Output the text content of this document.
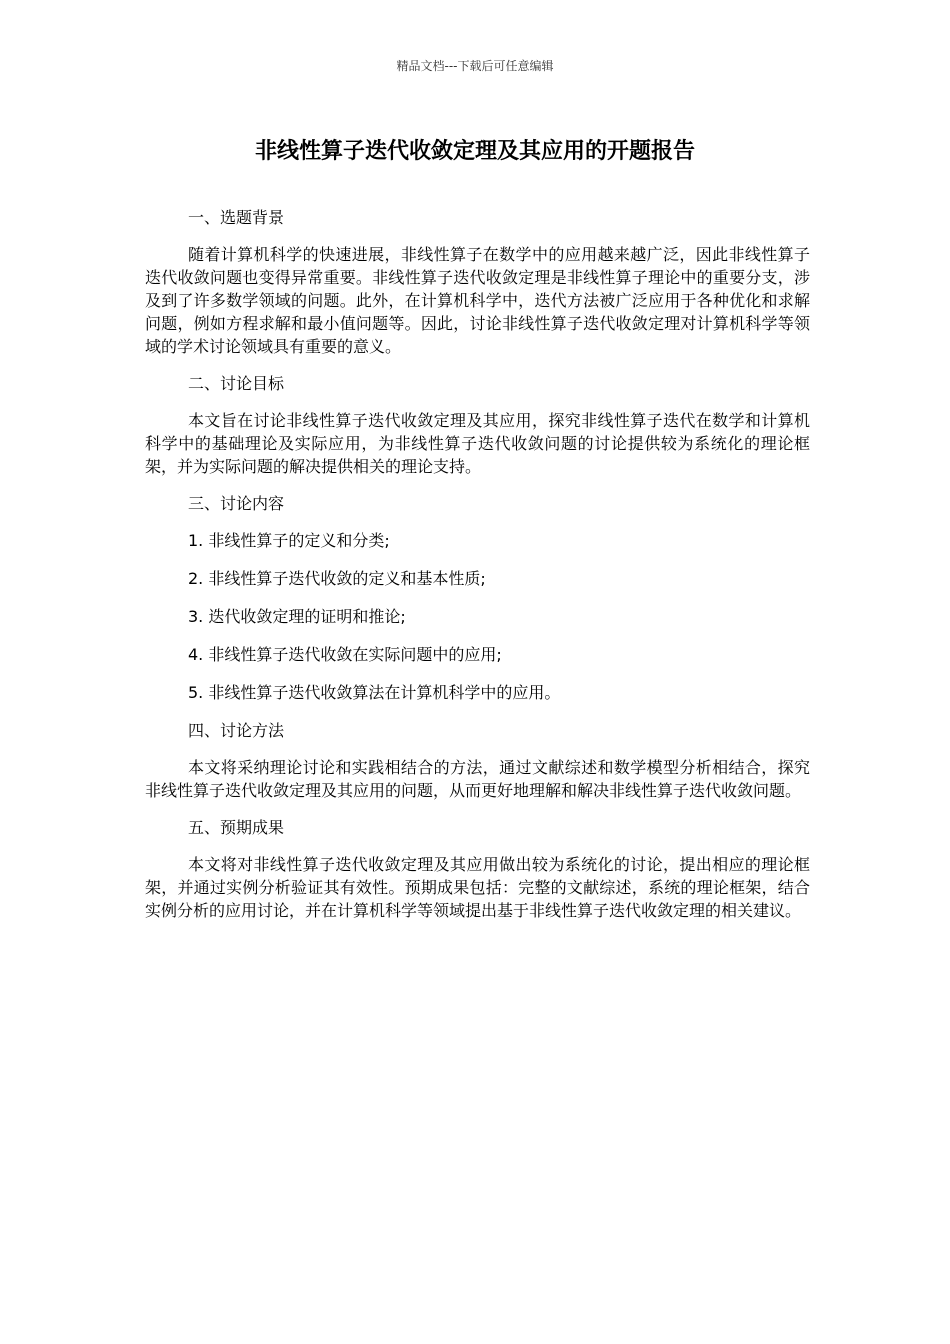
精品文档---下载后可任意编辑
非线性算子迭代收敛定理及其应用的开题报告

一、选题背景

随着计算机科学的快速进展，非线性算子在数学中的应用越来越广泛，因此非线性算子迭代收敛问题也变得异常重要。非线性算子迭代收敛定理是非线性算子理论中的重要分支，涉及到了许多数学领域的问题。此外，在计算机科学中，迭代方法被广泛应用于各种优化和求解问题，例如方程求解和最小值问题等。因此，讨论非线性算子迭代收敛定理对计算机科学等领域的学术讨论领域具有重要的意义。

二、讨论目标

本文旨在讨论非线性算子迭代收敛定理及其应用，探究非线性算子迭代在数学和计算机科学中的基础理论及实际应用，为非线性算子迭代收敛问题的讨论提供较为系统化的理论框架，并为实际问题的解决提供相关的理论支持。

三、讨论内容

1. 非线性算子的定义和分类;

2. 非线性算子迭代收敛的定义和基本性质;

3. 迭代收敛定理的证明和推论;

4. 非线性算子迭代收敛在实际问题中的应用;

5. 非线性算子迭代收敛算法在计算机科学中的应用。

四、讨论方法

本文将采纳理论讨论和实践相结合的方法，通过文献综述和数学模型分析相结合，探究非线性算子迭代收敛定理及其应用的问题，从而更好地理解和解决非线性算子迭代收敛问题。

五、预期成果

本文将对非线性算子迭代收敛定理及其应用做出较为系统化的讨论，提出相应的理论框架，并通过实例分析验证其有效性。预期成果包括：完整的文献综述，系统的理论框架，结合实例分析的应用讨论，并在计算机科学等领域提出基于非线性算子迭代收敛定理的相关建议。
